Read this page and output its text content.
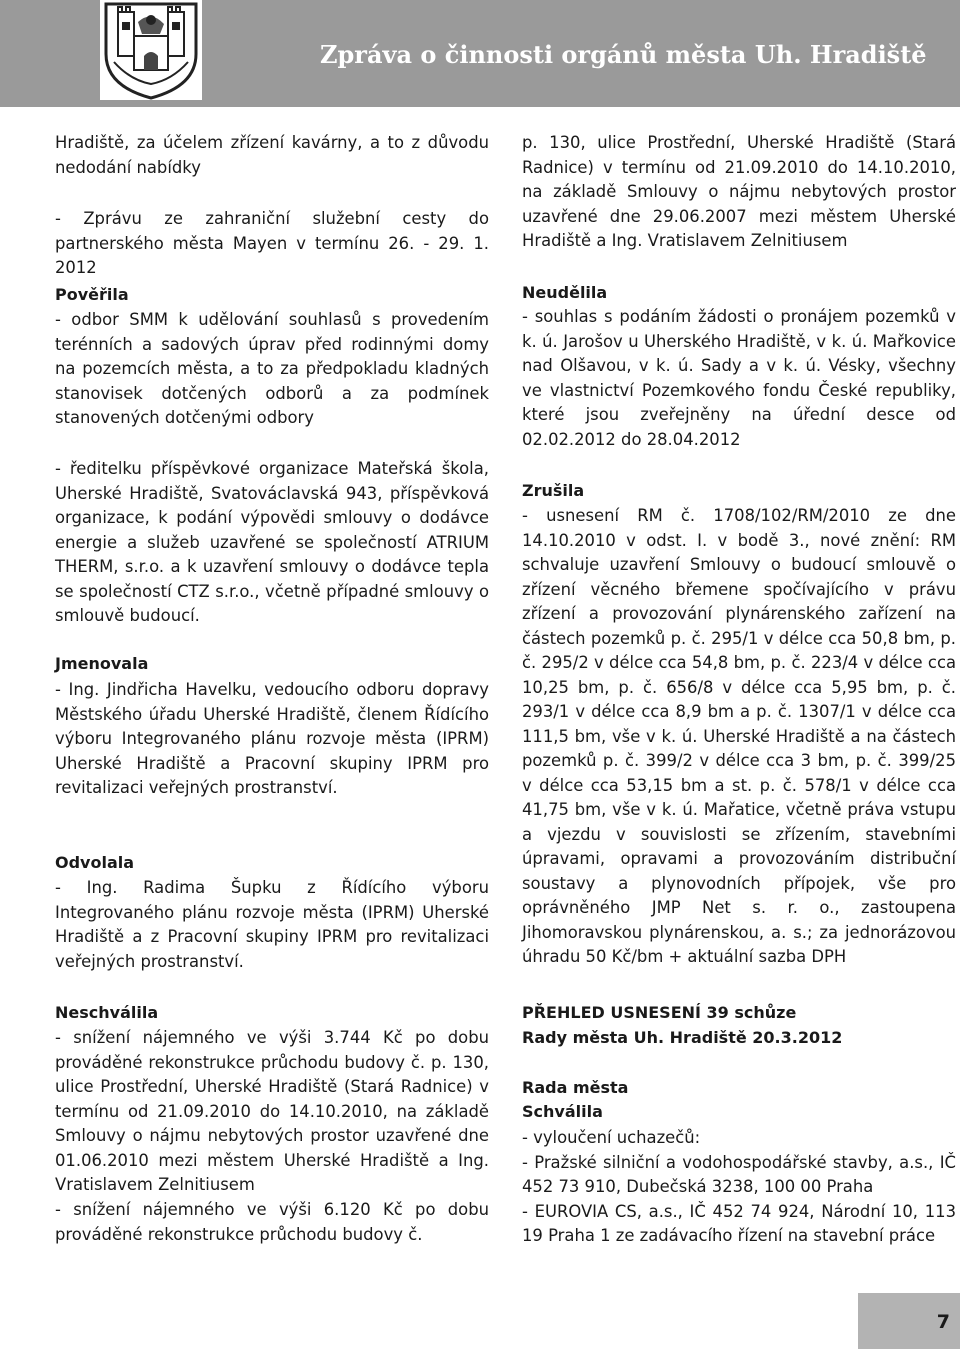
Zpráva o činnosti orgánů města Uh. Hradiště
Hradiště, za účelem zřízení kavárny, a to z důvodu nedodání nabídky
- Zprávu ze zahraniční služební cesty do partnerského města Mayen v termínu 26. - 29. 1. 2012
Pověřila
- odbor SMM k udělování souhlasů s provedením terénních a sadových úprav před rodinnými domy na pozemcích města, a to za předpokladu kladných stanovisek dotčených odborů a za podmínek stanovených dotčenými odbory
- ředitelku příspěvkové organizace Mateřská škola, Uherské Hradiště, Svatováclavská 943, příspěvková organizace, k podání výpovědi smlouvy o dodávce energie a služeb uzavřené se společností ATRIUM THERM, s.r.o. a k uzavření smlouvy o dodávce tepla se společností CTZ s.r.o., včetně případné smlouvy o smlouvě budoucí.
Jmenovala
- Ing. Jindřicha Havelku, vedoucího odboru dopravy Městského úřadu Uherské Hradiště, členem Řídícího výboru Integrovaného plánu rozvoje města (IPRM) Uherské Hradiště a Pracovní skupiny IPRM pro revitalizaci veřejných prostranství.
Odvolala
- Ing. Radima Šupku z Řídícího výboru Integrovaného plánu rozvoje města (IPRM) Uherské Hradiště a z Pracovní skupiny IPRM pro revitalizaci veřejných prostranství.
Neschválila
- snížení nájemného ve výši 3.744 Kč po dobu prováděné rekonstrukce průchodu budovy č. p. 130, ulice Prostřední, Uherské Hradiště (Stará Radnice) v termínu od 21.09.2010 do 14.10.2010, na základě Smlouvy o nájmu nebytových prostor uzavřené dne 01.06.2010 mezi městem Uherské Hradiště a Ing. Vratislavem Zelnitiusem
- snížení nájemného ve výši 6.120 Kč po dobu prováděné rekonstrukce průchodu budovy č.
p. 130, ulice Prostřední, Uherské Hradiště (Stará Radnice) v termínu od 21.09.2010 do 14.10.2010, na základě Smlouvy o nájmu nebytových prostor uzavřené dne 29.06.2007 mezi městem Uherské Hradiště a Ing. Vratislavem Zelnitiusem
Neudělila
- souhlas s podáním žádosti o pronájem pozemků v k. ú. Jarošov u Uherského Hradiště, v k. ú. Mařkovice nad Olšavou, v k. ú. Sady a v k. ú. Vésky, všechny ve vlastnictví Pozemkového fondu České republiky, které jsou zveřejněny na úřední desce od 02.02.2012 do 28.04.2012
Zrušila
- usnesení RM č. 1708/102/RM/2010 ze dne 14.10.2010 v odst. I. v bodě 3., nové znění: RM schvaluje uzavření Smlouvy o budoucí smlouvě o zřízení věcného břemene spočívajícího v právu zřízení a provozování plynárenského zařízení na částech pozemků p. č. 295/1 v délce cca 50,8 bm, p. č. 295/2 v délce cca 54,8 bm, p. č. 223/4 v délce cca 10,25 bm, p. č. 656/8 v délce cca 5,95 bm, p. č. 293/1 v délce cca 8,9 bm a p. č. 1307/1 v délce cca 111,5 bm, vše v k. ú. Uherské Hradiště a na částech pozemků p. č. 399/2 v délce cca 3 bm, p. č. 399/25 v délce cca 53,15 bm a st. p. č. 578/1 v délce cca 41,75 bm, vše v k. ú. Mařatice, včetně práva vstupu a vjezdu v souvislosti se zřízením, stavebními úpravami, opravami a provozováním distribuční soustavy a plynovodních přípojek, vše pro oprávněného JMP Net s. r. o., zastoupena Jihomoravskou plynárenskou, a. s.; za jednorázovou úhradu 50 Kč/bm + aktuální sazba DPH
PŘEHLED USNESENÍ 39 schůze
Rady města Uh. Hradiště 20.3.2012
Rada města
Schválila
- vyloučení uchazečů:
- Pražské silniční a vodohospodářské stavby, a.s., IČ 452 73 910, Dubečská 3238, 100 00 Praha
- EUROVIA CS, a.s., IČ 452 74 924, Národní 10, 113 19 Praha 1 ze zadávacího řízení na stavební práce
7
